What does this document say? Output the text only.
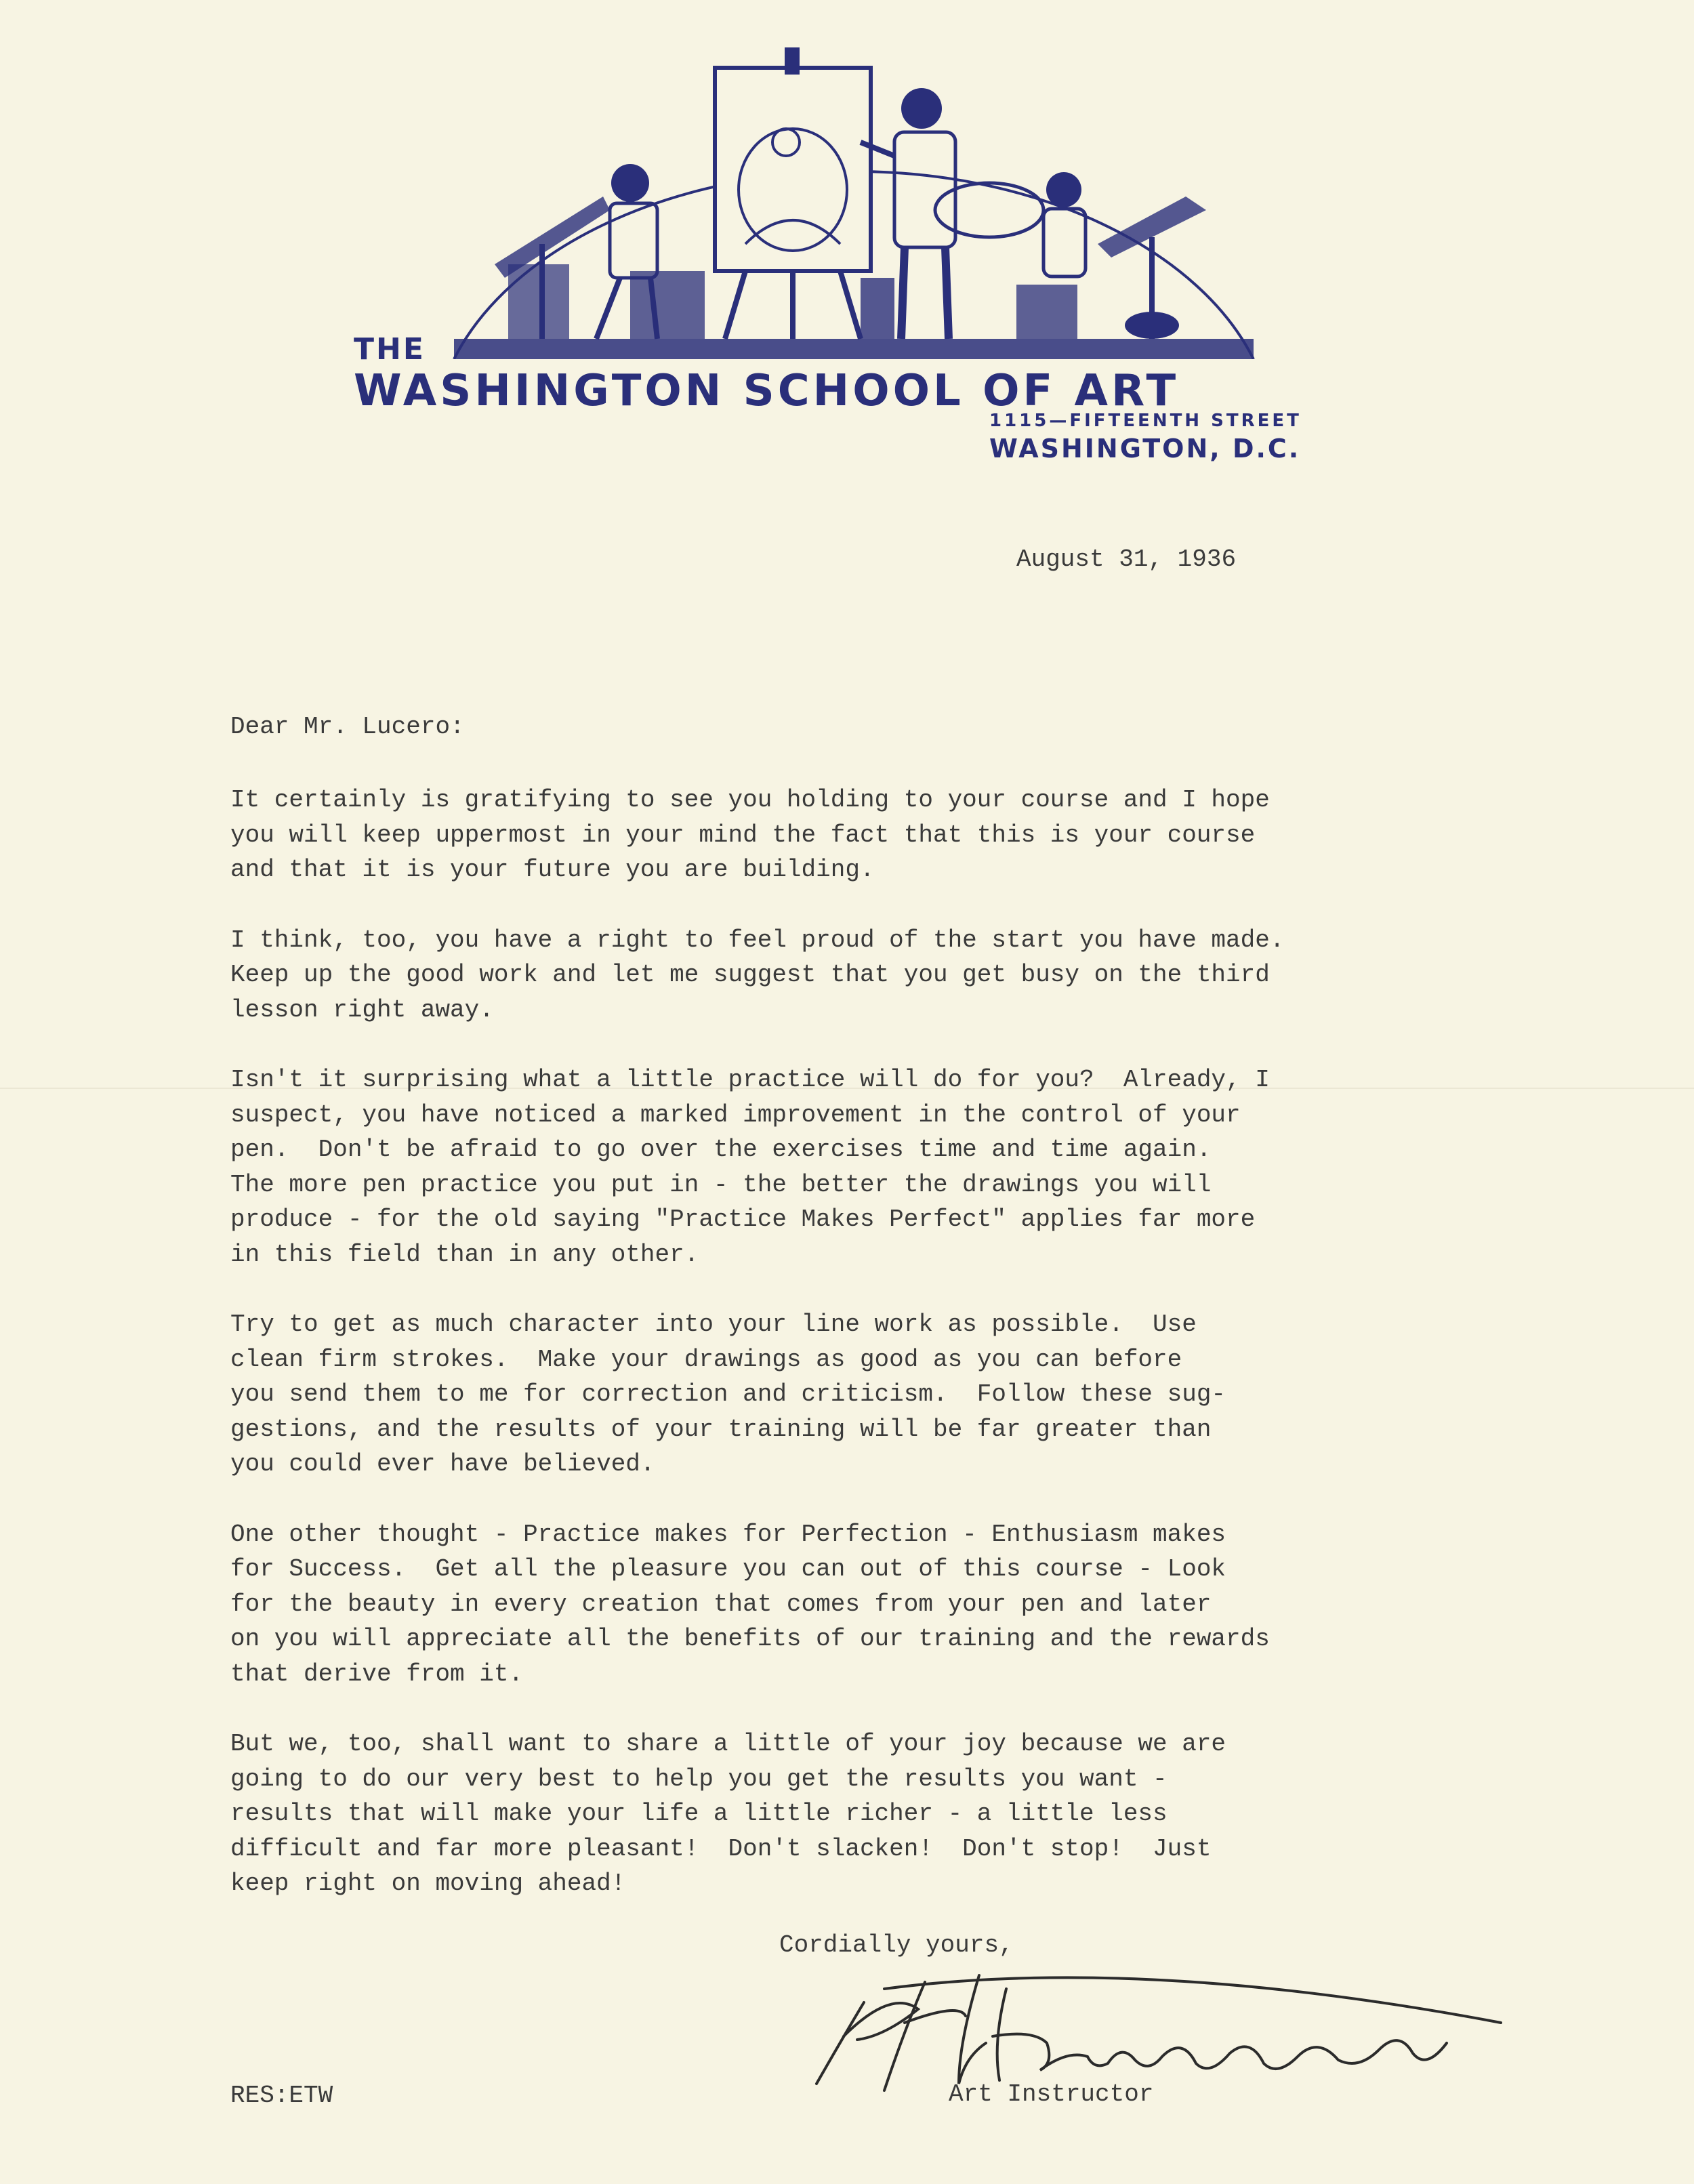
THE

WASHINGTON SCHOOL OF ART

1115—FIFTEENTH STREET

WASHINGTON, D.C.

August 31, 1936

Dear Mr. Lucero:

It certainly is gratifying to see you holding to your course and I hope
you will keep uppermost in your mind the fact that this is your course
and that it is your future you are building.
I think, too, you have a right to feel proud of the start you have made.
Keep up the good work and let me suggest that you get busy on the third
lesson right away.
Isn't it surprising what a little practice will do for you?  Already, I
suspect, you have noticed a marked improvement in the control of your
pen.  Don't be afraid to go over the exercises time and time again.
The more pen practice you put in - the better the drawings you will
produce - for the old saying "Practice Makes Perfect" applies far more
in this field than in any other.
Try to get as much character into your line work as possible.  Use
clean firm strokes.  Make your drawings as good as you can before
you send them to me for correction and criticism.  Follow these sug-
gestions, and the results of your training will be far greater than
you could ever have believed.
One other thought - Practice makes for Perfection - Enthusiasm makes
for Success.  Get all the pleasure you can out of this course - Look
for the beauty in every creation that comes from your pen and later
on you will appreciate all the benefits of our training and the rewards
that derive from it.
But we, too, shall want to share a little of your joy because we are
going to do our very best to help you get the results you want -
results that will make your life a little richer - a little less
difficult and far more pleasant!  Don't slacken!  Don't stop!  Just
keep right on moving ahead!

Cordially yours,

Art Instructor

RES:ETW
